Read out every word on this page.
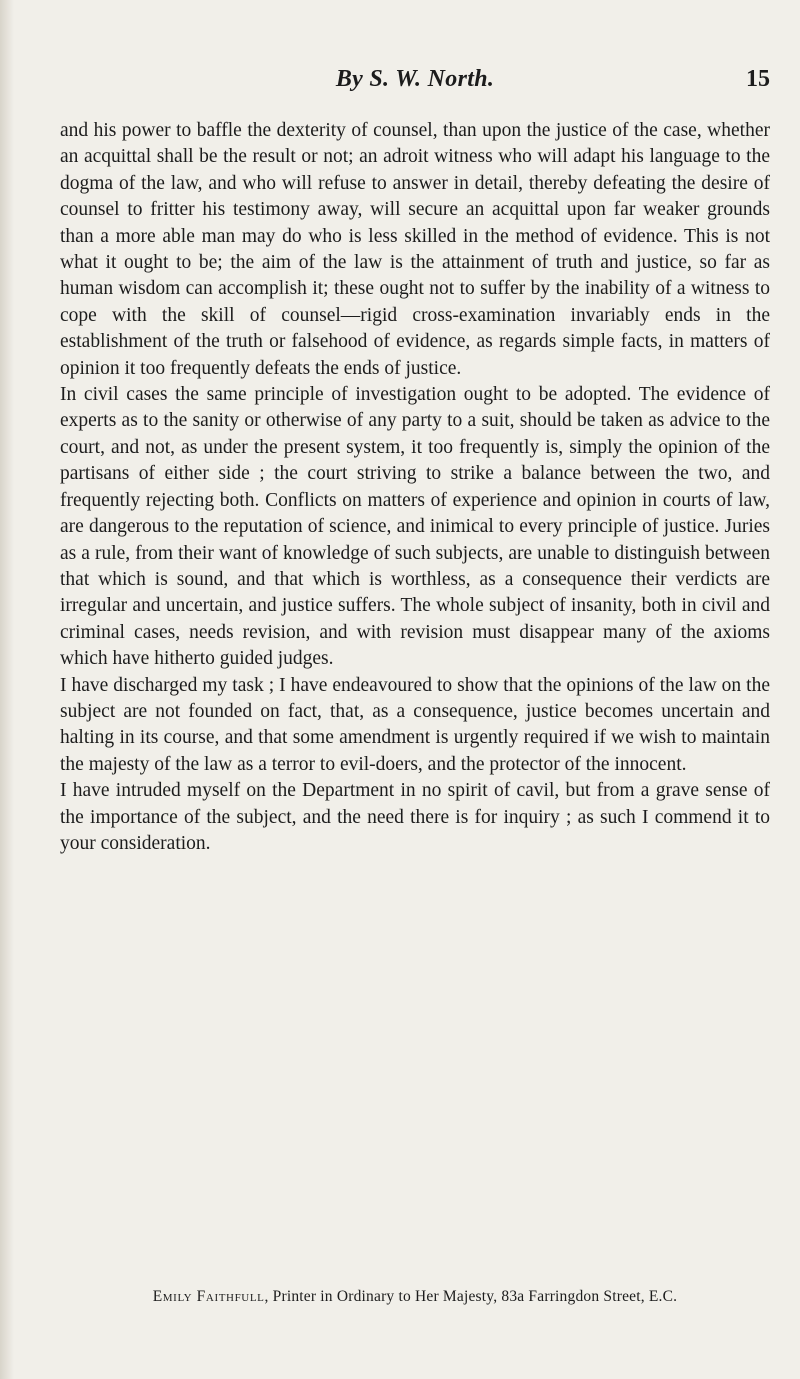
By S. W. North.	15

and his power to baffle the dexterity of counsel, than upon the justice of the case, whether an acquittal shall be the result or not; an adroit witness who will adapt his language to the dogma of the law, and who will refuse to answer in detail, thereby defeating the desire of counsel to fritter his testimony away, will secure an acquittal upon far weaker grounds than a more able man may do who is less skilled in the method of evidence. This is not what it ought to be; the aim of the law is the attainment of truth and justice, so far as human wisdom can accomplish it; these ought not to suffer by the inability of a witness to cope with the skill of counsel—rigid cross-examination invariably ends in the establishment of the truth or falsehood of evidence, as regards simple facts, in matters of opinion it too frequently defeats the ends of justice.

In civil cases the same principle of investigation ought to be adopted. The evidence of experts as to the sanity or otherwise of any party to a suit, should be taken as advice to the court, and not, as under the present system, it too frequently is, simply the opinion of the partisans of either side ; the court striving to strike a balance between the two, and frequently rejecting both. Conflicts on matters of experience and opinion in courts of law, are dangerous to the reputation of science, and inimical to every principle of justice. Juries as a rule, from their want of knowledge of such subjects, are unable to distinguish between that which is sound, and that which is worthless, as a consequence their verdicts are irregular and uncertain, and justice suffers. The whole subject of insanity, both in civil and criminal cases, needs revision, and with revision must disappear many of the axioms which have hitherto guided judges.

I have discharged my task ; I have endeavoured to show that the opinions of the law on the subject are not founded on fact, that, as a consequence, justice becomes uncertain and halting in its course, and that some amendment is urgently required if we wish to maintain the majesty of the law as a terror to evil-doers, and the protector of the innocent.

I have intruded myself on the Department in no spirit of cavil, but from a grave sense of the importance of the subject, and the need there is for inquiry ; as such I commend it to your consideration.

Emily Faithfull, Printer in Ordinary to Her Majesty, 83a Farringdon Street, E.C.
